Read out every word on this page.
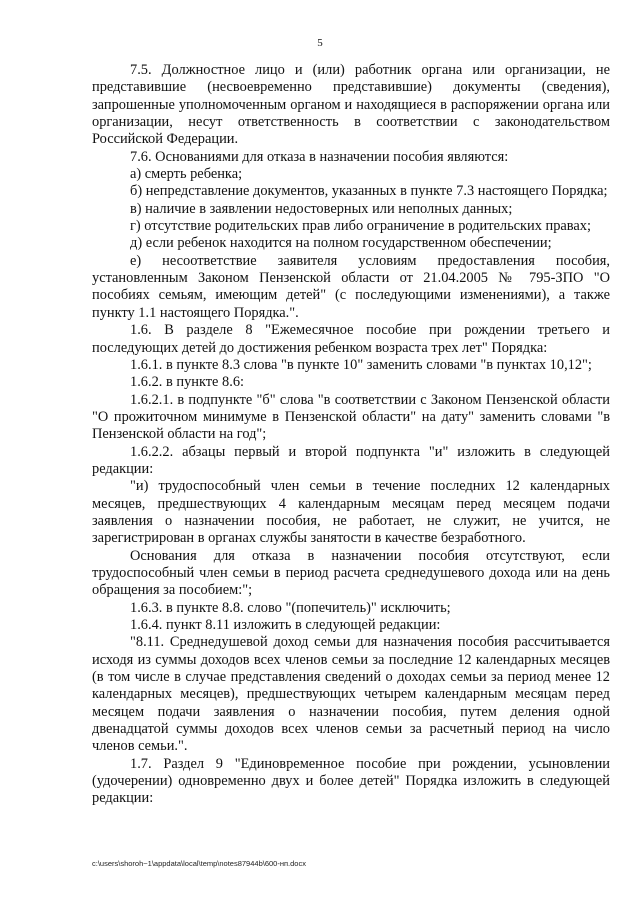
5

7.5. Должностное лицо и (или) работник органа или организации, не представившие (несвоевременно представившие) документы (сведения), запрошенные уполномоченным органом и находящиеся в распоряжении органа или организации, несут ответственность в соответствии с законодательством Российской Федерации.

7.6. Основаниями для отказа в назначении пособия являются:

а) смерть ребенка;

б) непредставление документов, указанных в пункте 7.3 настоящего Порядка;

в) наличие в заявлении недостоверных или неполных данных;

г) отсутствие родительских прав либо ограничение в родительских правах;

д) если ребенок находится на полном государственном обеспечении;

е) несоответствие заявителя условиям предоставления пособия, установленным Законом Пензенской области от 21.04.2005 № 795-ЗПО "О пособиях семьям, имеющим детей" (с последующими изменениями), а также пункту 1.1 настоящего Порядка.".

1.6. В разделе 8 "Ежемесячное пособие при рождении третьего и последующих детей до достижения ребенком возраста трех лет" Порядка:

1.6.1. в пункте 8.3 слова "в пункте 10" заменить словами "в пунктах 10,12";

1.6.2. в пункте 8.6:

1.6.2.1. в подпункте "б" слова "в соответствии с Законом Пензенской области "О прожиточном минимуме в Пензенской области" на дату" заменить словами "в Пензенской области на год";

1.6.2.2. абзацы первый и второй подпункта "и" изложить в следующей редакции:

"и) трудоспособный член семьи в течение последних 12 календарных месяцев, предшествующих 4 календарным месяцам перед месяцем подачи заявления о назначении пособия, не работает, не служит, не учится, не зарегистрирован в органах службы занятости в качестве безработного.

Основания для отказа в назначении пособия отсутствуют, если трудоспособный член семьи в период расчета среднедушевого дохода или на день обращения за пособием:";

1.6.3. в пункте 8.8. слово "(попечитель)" исключить;

1.6.4. пункт 8.11 изложить в следующей редакции:

"8.11. Среднедушевой доход семьи для назначения пособия рассчитывается исходя из суммы доходов всех членов семьи за последние 12 календарных месяцев (в том числе в случае представления сведений о доходах семьи за период менее 12 календарных месяцев), предшествующих четырем календарным месяцам перед месяцем подачи заявления о назначении пособия, путем деления одной двенадцатой суммы доходов всех членов семьи за расчетный период на число членов семьи.".

1.7. Раздел 9 "Единовременное пособие при рождении, усыновлении (удочерении) одновременно двух и более детей" Порядка изложить в следующей редакции:

c:\users\shoroh~1\appdata\local\temp\notes87944b\600-нп.docx
